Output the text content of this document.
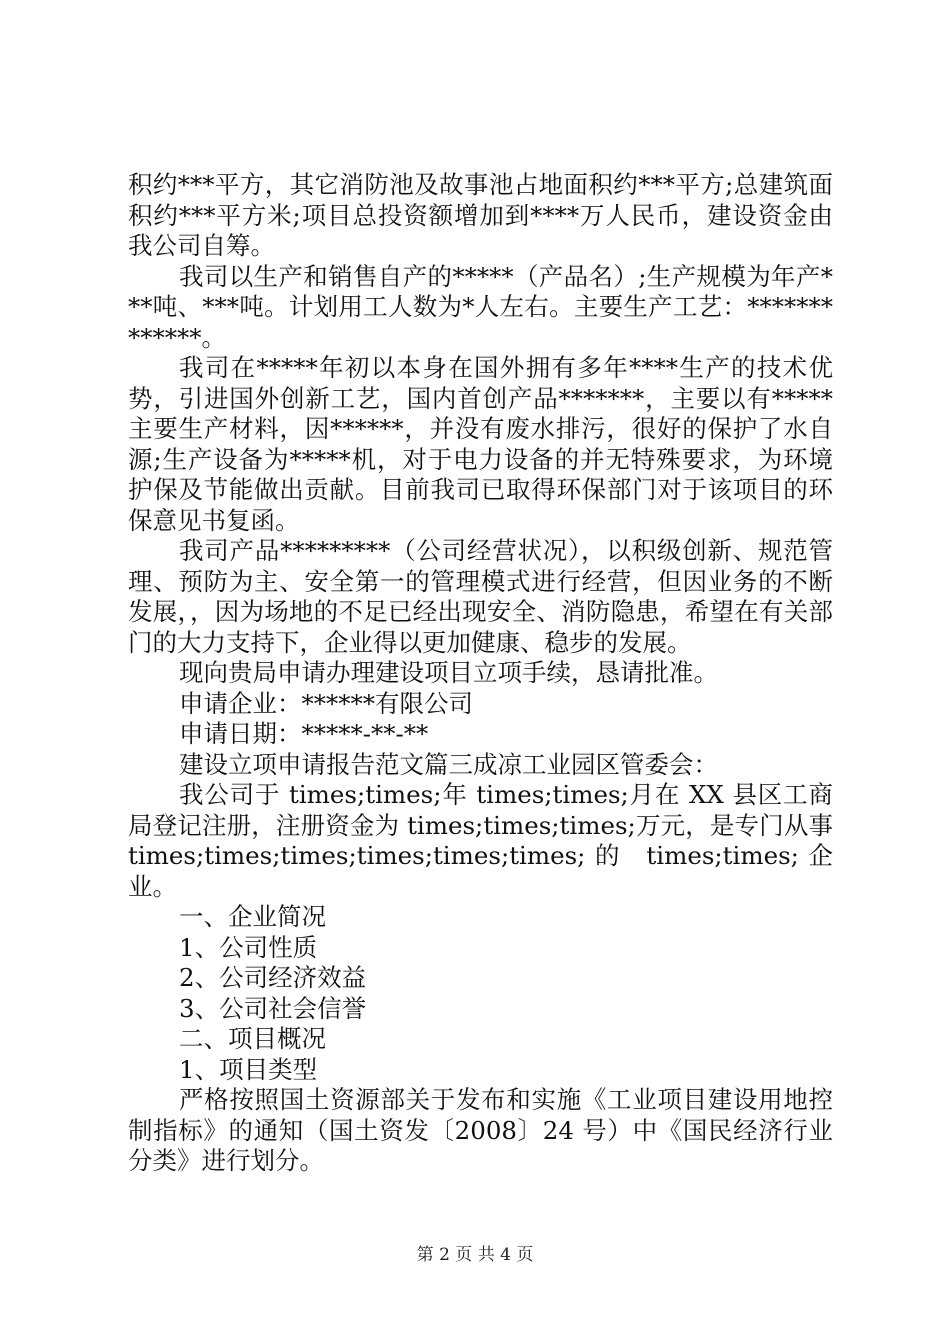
积约***平方，其它消防池及故事池占地面积约***平方;总建筑面积约***平方米;项目总投资额增加到****万人民币，建设资金由我公司自筹。

我司以生产和销售自产的*****（产品名）;生产规模为年产***吨、***吨。计划用工人数为*人左右。主要生产工艺：*************。

我司在*****年初以本身在国外拥有多年****生产的技术优势，引进国外创新工艺，国内首创产品*******，主要以有*****主要生产材料，因******，并没有废水排污，很好的保护了水自源;生产设备为*****机，对于电力设备的并无特殊要求，为环境护保及节能做出贡献。目前我司已取得环保部门对于该项目的环保意见书复函。

我司产品*********（公司经营状况），以积级创新、规范管理、预防为主、安全第一的管理模式进行经营，但因业务的不断发展，，因为场地的不足已经出现安全、消防隐患，希望在有关部门的大力支持下，企业得以更加健康、稳步的发展。

现向贵局申请办理建设项目立项手续，恳请批准。

申请企业：******有限公司

申请日期：*****-**-**

建设立项申请报告范文篇三成凉工业园区管委会：

我公司于 times;times;年 times;times;月在 XX 县区工商局登记注册，注册资金为 times;times;times;万元，是专门从事 times;times;times;times;times;times;的 times;times;企业。

一、企业简况

1、公司性质

2、公司经济效益

3、公司社会信誉

二、项目概况

1、项目类型

严格按照国土资源部关于发布和实施《工业项目建设用地控制指标》的通知（国土资发〔2008〕24 号）中《国民经济行业分类》进行划分。

第 2 页 共 4 页
